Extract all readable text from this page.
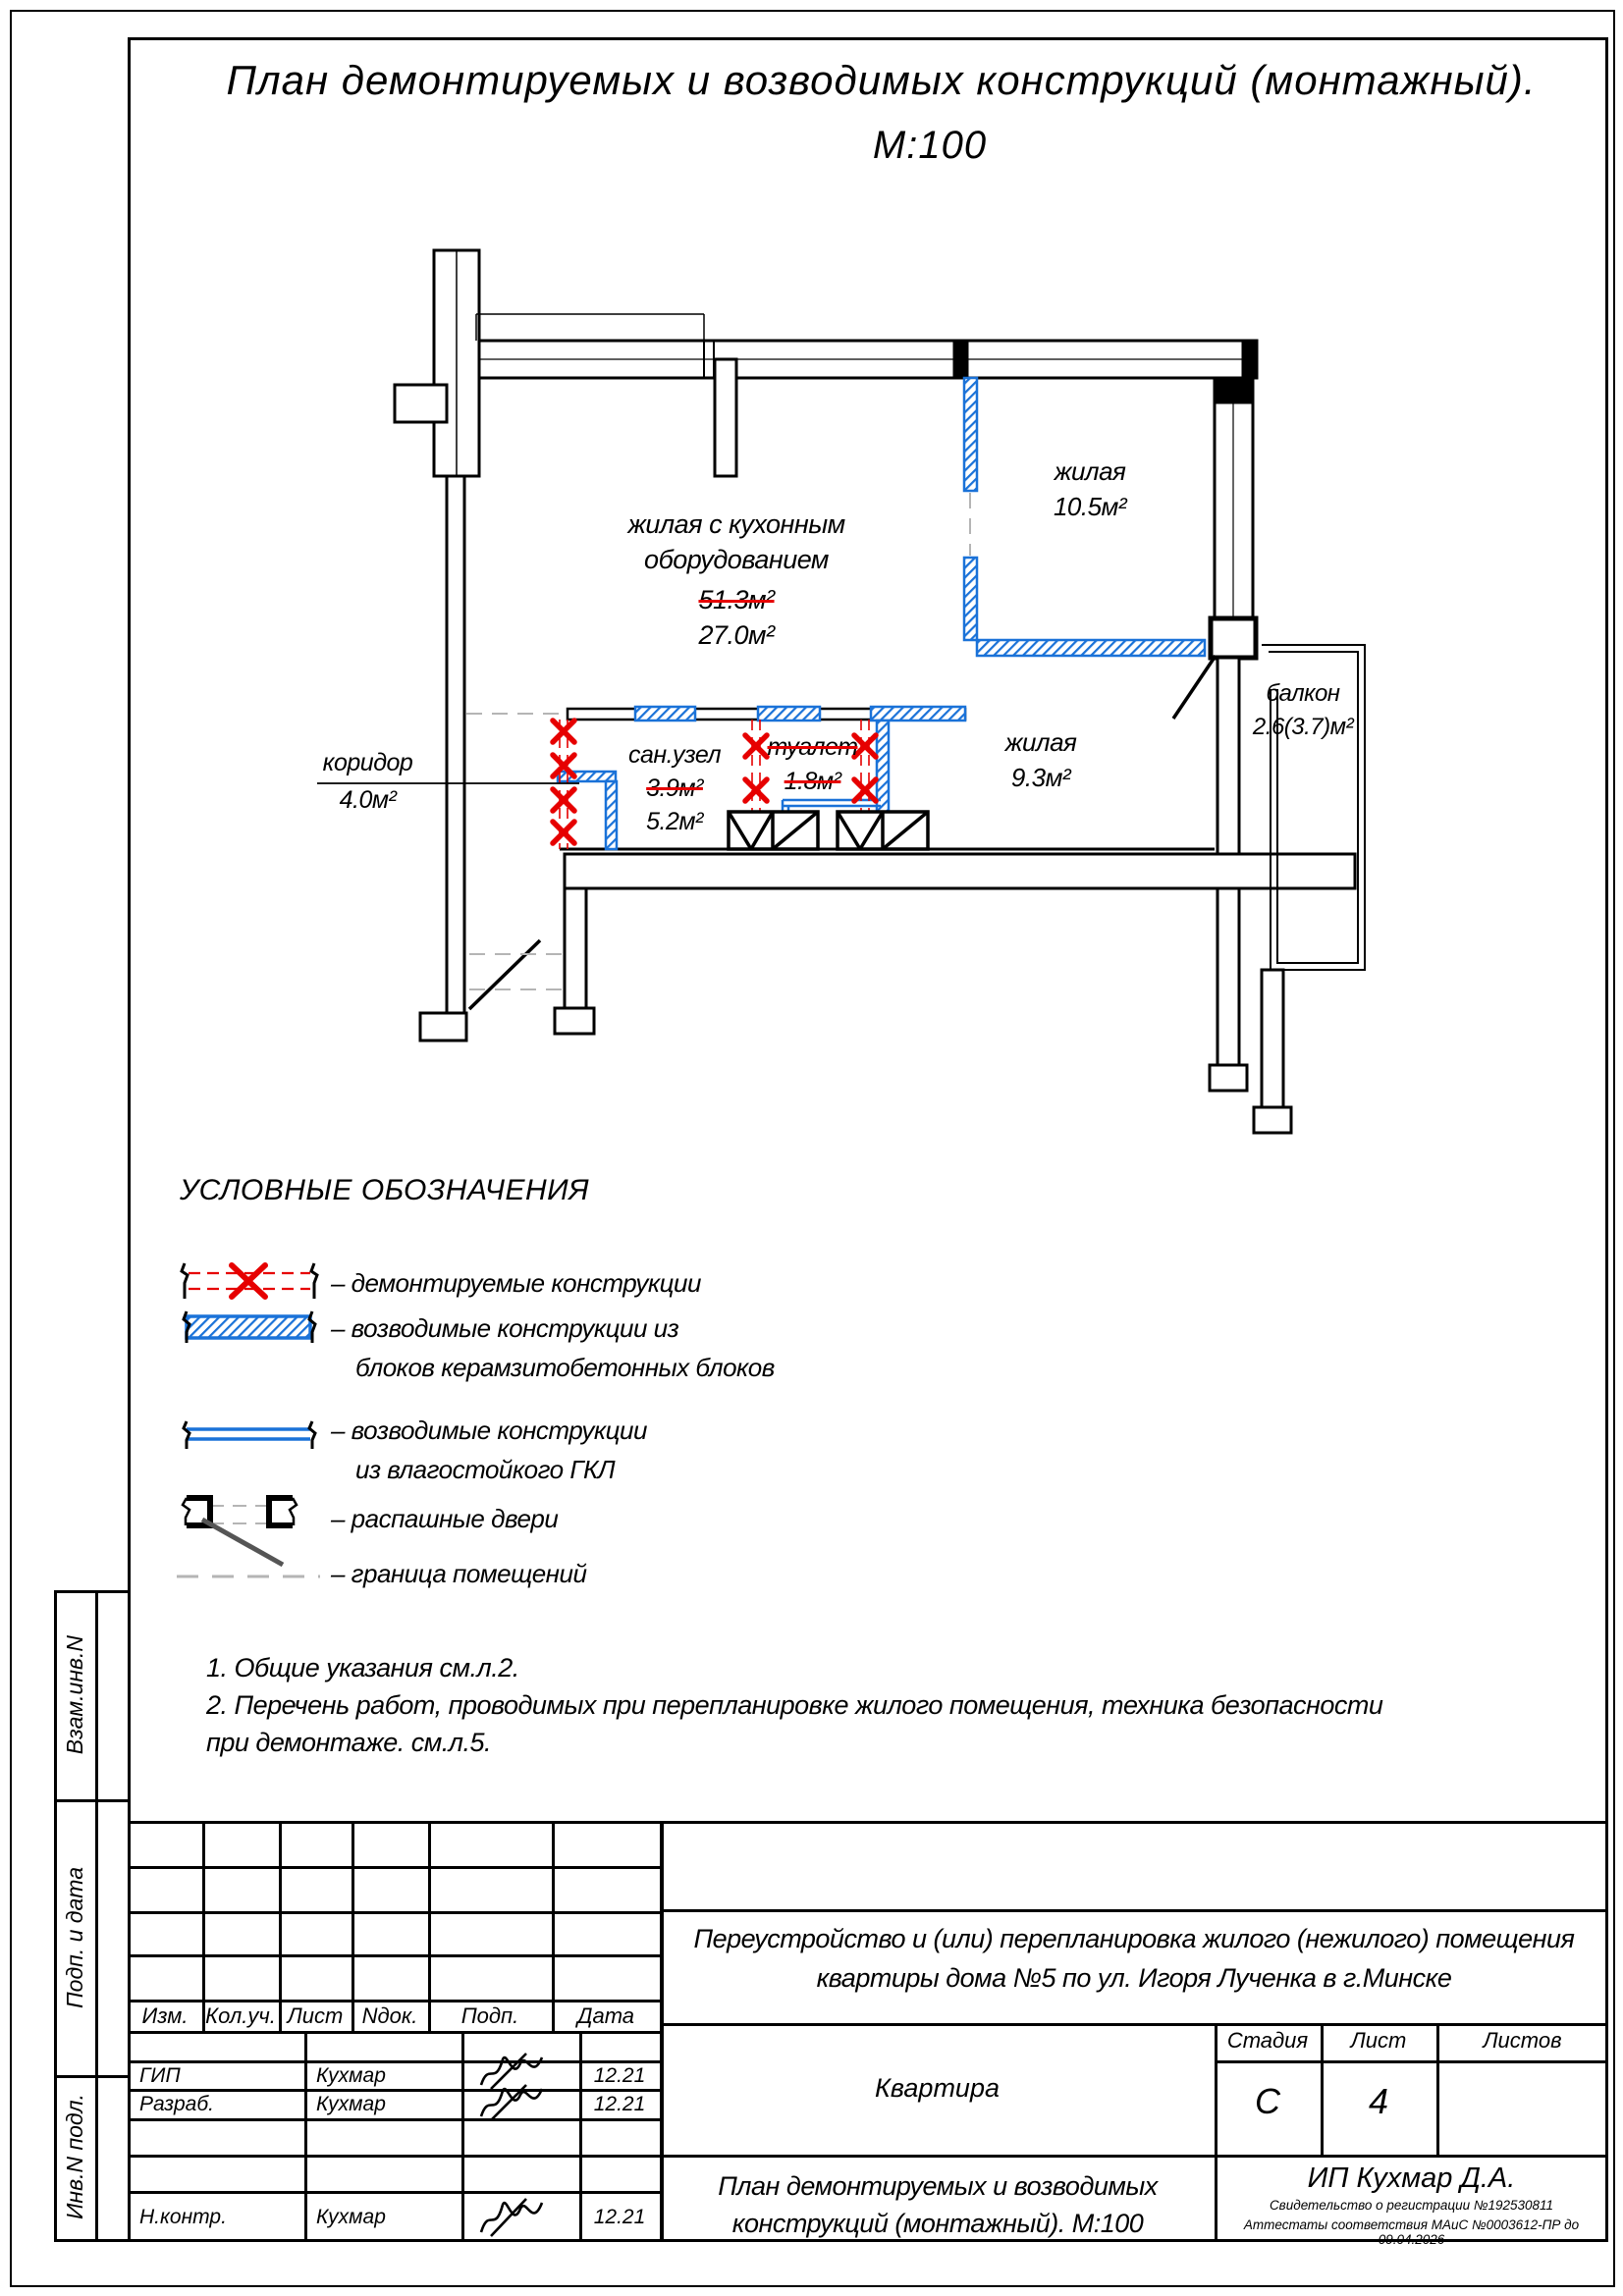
План демонтируемых и возводимых конструкций (монтажный).
М:100
жилая с кухонным
оборудованием
51.3м²
27.0м²
жилая
10.5м²
балкон
2.6(3.7)м²
жилая
9.3м²
коридор
4.0м²
сан.узел
3.9м²
5.2м²
туалет
1.8м²
УСЛОВНЫЕ ОБОЗНАЧЕНИЯ
– демонтируемые конструкции
– возводимые конструкции из
блоков керамзитобетонных блоков
– возводимые конструкции
из влагостойкого ГКЛ
– распашные двери
– граница помещений
1. Общие указания см.л.2.
2. Перечень работ, проводимых при перепланировке жилого помещения, техника безопасности
при демонтаже. см.л.5.
Взам.инв.N
Подп. и дата
Инв.N подл.
Изм. Кол.уч. Лист Nдок.	Подп.	Дата
ГИП	Кухмар	12.21
Разраб.	Кухмар	12.21
Н.контр.	Кухмар	12.21
Переустройство и (или) перепланировка жилого (нежилого) помещения
квартиры дома №5 по ул. Игоря Лученка в г.Минске
Квартира
Стадия	Лист	Листов
С	4
План демонтируемых и возводимых
конструкций (монтажный). М:100
ИП Кухмар Д.А.
Свидетельство о регистрации №192530811
Аттестаты соответствия МАиС №0003612-ПР до 09.04.2026
